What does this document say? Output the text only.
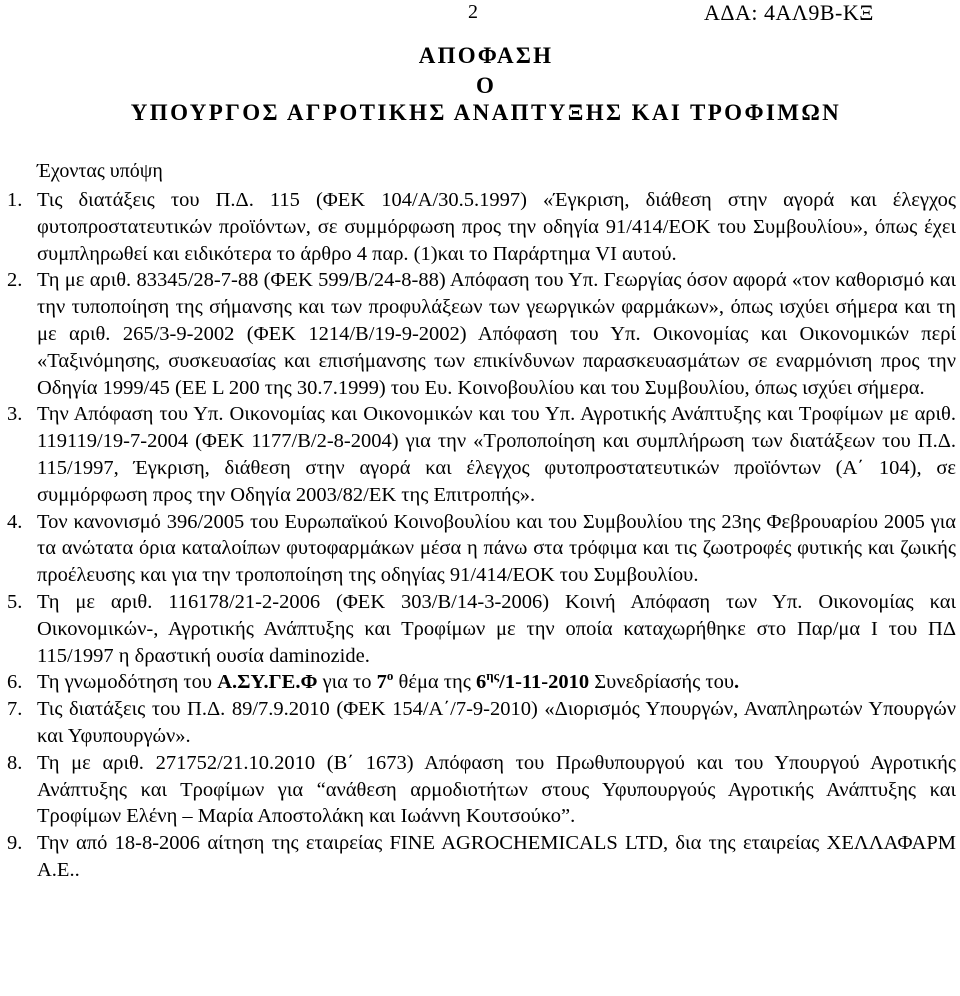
2	ΑΔΑ: 4ΑΛ9Β-ΚΞ
ΑΠΟΦΑΣΗ
Ο
ΥΠΟΥΡΓΟΣ ΑΓΡΟΤΙΚΗΣ ΑΝΑΠΤΥΞΗΣ ΚΑΙ ΤΡΟΦΙΜΩΝ
Έχοντας υπόψη
1. Τις διατάξεις του Π.Δ. 115 (ΦΕΚ 104/Α/30.5.1997) «Έγκριση, διάθεση στην αγορά και έλεγχος φυτοπροστατευτικών προϊόντων, σε συμμόρφωση προς την οδηγία 91/414/ΕΟΚ του Συμβουλίου», όπως έχει συμπληρωθεί και ειδικότερα το άρθρο 4 παρ. (1)και το Παράρτημα VI αυτού.
2. Τη με αριθ. 83345/28-7-88 (ΦΕΚ 599/Β/24-8-88) Απόφαση του Υπ. Γεωργίας όσον αφορά «τον καθορισμό και την τυποποίηση της σήμανσης και των προφυλάξεων των γεωργικών φαρμάκων», όπως ισχύει σήμερα και τη με αριθ. 265/3-9-2002 (ΦΕΚ 1214/Β/19-9-2002) Απόφαση του Υπ. Οικονομίας και Οικονομικών περί «Ταξινόμησης, συσκευασίας και επισήμανσης των επικίνδυνων παρασκευασμάτων σε εναρμόνιση προς την Οδηγία 1999/45 (ΕΕ L 200 της 30.7.1999) του Ευ. Κοινοβουλίου και του Συμβουλίου, όπως ισχύει σήμερα.
3. Την Απόφαση του Υπ. Οικονομίας και Οικονομικών και του Υπ. Αγροτικής Ανάπτυξης και Τροφίμων με αριθ. 119119/19-7-2004 (ΦΕΚ 1177/Β/2-8-2004) για την «Τροποποίηση και συμπλήρωση των διατάξεων του Π.Δ. 115/1997, Έγκριση, διάθεση στην αγορά και έλεγχος φυτοπροστατευτικών προϊόντων (Α΄ 104), σε συμμόρφωση προς την Οδηγία 2003/82/ΕΚ της Επιτροπής».
4. Τον κανονισμό 396/2005 του Ευρωπαϊκού Κοινοβουλίου και του Συμβουλίου της 23ης Φεβρουαρίου 2005 για τα ανώτατα όρια καταλοίπων φυτοφαρμάκων μέσα η πάνω στα τρόφιμα και τις ζωοτροφές φυτικής και ζωικής προέλευσης και για την τροποποίηση της οδηγίας 91/414/ΕΟΚ του Συμβουλίου.
5. Τη με αριθ. 116178/21-2-2006 (ΦΕΚ 303/Β/14-3-2006) Κοινή Απόφαση των Υπ. Οικονομίας και Οικονομικών-, Αγροτικής Ανάπτυξης και Τροφίμων με την οποία καταχωρήθηκε στο Παρ/μα Ι του ΠΔ 115/1997 η δραστική ουσία daminozide.
6. Τη γνωμοδότηση του Α.ΣΥ.ΓΕ.Φ για το $7^o$ θέμα της $6^{\eta\varsigma}/1-11-2010$ Συνεδρίασής του.
7. Τις διατάξεις του Π.Δ. 89/7.9.2010 (ΦΕΚ 154/Α΄/7-9-2010) «Διορισμός Υπουργών, Αναπληρωτών Υπουργών και Υφυπουργών».
8. Τη με αριθ. 271752/21.10.2010 (Β΄ 1673) Απόφαση του Πρωθυπουργού και του Υπουργού Αγροτικής Ανάπτυξης και Τροφίμων για “ανάθεση αρμοδιοτήτων στους Υφυπουργούς Αγροτικής Ανάπτυξης και Τροφίμων Ελένη – Μαρία Αποστολάκη και Ιωάννη Κουτσούκο”.
9. Την από 18-8-2006 αίτηση της εταιρείας FINE AGROCHEMICALS LTD, δια της εταιρείας ΧΕΛΛΑΦΑΡΜ Α.Ε..
